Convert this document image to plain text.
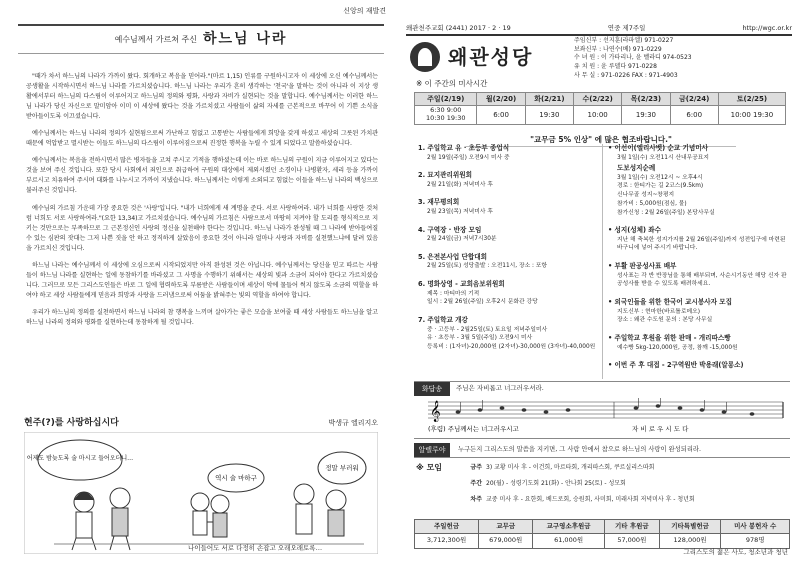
신앙의 재발견
예수님께서 가르쳐 주신 하느님 나라

"때가 차서 하느님의 나라가 가까이 왔다. 회개하고 복음을 믿어라."(마르 1,15) 인류를 구원하시고자 이 세상에 오신 예수님께서는 공생활을 시작하시면서 하느님 나라를 가르치셨습니다. 하느님 나라는 우리가 흔히 생각하는 '천국'을 말하는 것이 아니라 이 지상 생활에서부터 하느님의 다스림이 이루어지고 하느님의 정의와 평화, 사랑과 자비가 실현되는 것을 말합니다. 예수님께서는 이러한 하느님 나라가 당신 자신으로 말미암아 이미 이 세상에 왔다는 것을 가르치셨고 사람들이 삶의 자세를 근본적으로 바꾸어 이 기쁜 소식을 받아들이도록 이끄셨습니다.

예수님께서는 하느님 나라의 정의가 실현됨으로써 가난하고 힘없고 고통받는 사람들에게 희망을 갖게 하셨고 세상의 그릇된 가치관 때문에 억압받고 멸시받는 이들도 하느님의 다스림이 이루어짐으로써 진정한 행복을 누릴 수 있게 되었다고 말씀하셨습니다.

예수님께서는 복음을 전하시면서 많은 병자들을 고쳐 주시고 기적을 행하셨는데 이는 바로 하느님의 구원이 지금 이루어지고 있다는 것을 보여 주신 것입니다. 또한 당시 사회에서 죄인으로 취급하여 구원의 대상에서 제외시켰던 소경이나 나병환자, 세리 등을 가까이 부르시고 치유하여 주시며 대화를 나누시고 가까이 지냈습니다. 하느님께서는 이렇게 소외되고 힘없는 이들을 하느님 나라의 백성으로 불러주신 것입니다.

예수님의 가르침 가운데 가장 중요한 것은 '사랑'입니다. "내가 너희에게 새 계명을 준다. 서로 사랑하여라. 내가 너희를 사랑한 것처럼 너희도 서로 사랑하여라."(요한 13,34)고 가르치셨습니다. 예수님의 가르침은 사람으로서 마땅히 지켜야 할 도리를 형식적으로 지키는 것만으로는 부족하므로 그 근본정신인 사랑의 정신을 실천해야 한다는 것입니다. 하느님 나라가 완성될 때 그 나라에 받아들여질 수 있는 심판의 잣대는 그저 나쁜 짓을 안 하고 정직하게 살았음이 중요한 것이 아니라 얼마나 사랑과 자비를 실천했느냐에 달려 있음을 가르치신 것입니다.

하느님 나라는 예수님께서 이 세상에 오심으로써 시작되었지만 아직 완성된 것은 아닙니다. 예수님께서는 당신을 믿고 따르는 사람들이 하느님 나라를 실현하는 일에 동참하기를 바라셨고 그 사명을 수행하기 위해서는 세상의 빛과 소금이 되어야 한다고 가르치셨습니다. 그러므로 모든 그리스도인들은 바로 그 일에 협력하도록 부름받은 사람들이며 세상이 악에 물들어 썩지 않도록 소금의 역할을 하여야 하고 세상 사람들에게 믿음과 희망과 사랑을 드러냄으로써 어둠을 밝혀주는 빛의 역할을 하여야 합니다.

우리가 하느님의 정의를 실천하면서 하느님 나라의 참 행복을 느끼며 살아가는 좋은 모습을 보여줄 때 세상 사람들도 하느님을 알고 하느님 나라의 정의와 평화를 실현하는데 동참하게 될 것입니다.

현주(?)를 사랑하십시다	박생규 엘리지오
어제도 밤늦도록 술 마시고 들어오더니…
역시 술 마하구
정말 부러워
나이들어도 서로 다정히 손잡고 오래오래토록…
왜관천주교회 (2441) 2017 · 2 · 19	연중 제7주일	http://wgc.or.kr
왜관성당
주임신부 : 선지훈(라파엘) 971-0227
보좌신부 : 나연수(베) 971-0229
수 녀 원 : 이 가타리나, 윤 벨라디 974-0523
유 치 원 : 윤 루델다 971-0228
사 무 실 : 971-0226 FAX : 971-4903
※ 이 주간의 미사시간
주일(2/19)	월(2/20)	화(2/21)	수(2/22)	목(2/23)	금(2/24)	토(2/25)
6:30 9:00
10:30 19:30	6:00	19:30	10:00	19:30	6:00	10:00 19:30
"교무금 5% 인상" 에 많은 협조바랍니다."
1. 주일학교 유 · 초등부 종업식
2월 19일(주일) 오전9시 미사 중
2. 묘지관리위원회
2월 21일(화) 저녁미사 후
3. 재무평의회
2월 23일(목) 저녁미사 후
4. 구역장 · 반장 모임
2월 24일(금) 저녁7시30분
5. 은전본사업 단합대회
2월 25일(토) 성당출발 : 오전11시, 장소 : 포항
6. 명화상영 - 교회음보위원회
제목 : 마티마의 기적
일시 : 2월 26일(주일) 오후2시 문화관 강당
7. 주일학교 개강
중 · 고등부 - 2월25일(토) 토요일 저녁주일미사
유 · 초등부 - 3월 5일(주일) 오전9시 미사
등록비 : (1자녀)-20,000원 (2자녀)-30,000원 (3자녀)-40,000원
• 이선이(엘리사벳) 순교 기념미사
3월 1일(수) 오전11시 산내무공묘지
도보성지순례
3월 1일(수) 오전12시 ~ 오후4시
경로 : 한티가는 길 2코스(9.5km)
신나무골 성지~창평지
참가비 : 5,000원(점심, 물)
참가신청 : 2월 26일(주일) 본당사무실
• 성지(성체) 좌수
지난 해 축복한 성지가지를 2월 26일(주일)까지 성전입구에 마련된 바구니에 넣어 주시기 바랍니다.
• 부활 판공성사표 배부
성사표는 각 반 반장님을 통해 배부되며, 사순시기동안 해당 신자 판공성사를 받을 수 있도록 배려하세요.
• 외국인들을 위한 한국어 교시봉사자 모집
지도신부 : 현마한(바르톨로메오)
장소 : 왜관 수도원 문의 : 본당 사무실
• 주일학교 후원을 위한 판매 - 개리따스빵
예수빵 5kg-120,000원, 공정, 참깨 -15,000원
• 이번 주 후 대접 - 2구역원반 박용래(알롱소)
화답송	주님은 자비롭고 너그러우셔라.
𝄞
(후렴) 주님께서는 너그러우시고	자 비 로 우 시 도 다
알렐루야	누구든지 그리스도의 말씀을 지키면, 그 사람 안에서 참으로 하느님의 사랑이 완성되리라.
※ 모임	금주 3) 교황 미사 후 - 이건희, 마르타회, 개리따스회, 쿠르실리스따회
주간 20(월) - 성령기도회 21(화) - 안나회 25(토) - 성모회
차주 교중 미사 후 - 요한회, 베드로회, 승원회, 사미회, 미래사회 저녁미사 후 - 청년회
주일헌금	교무금	교구영소후원금	기타 후원금	기타특별헌금	미사 봉헌자 수
3,712,300원	679,000원	61,000원	57,000원	128,000원	978명
그리스도의 젊은 사도, 청소년과 청년
